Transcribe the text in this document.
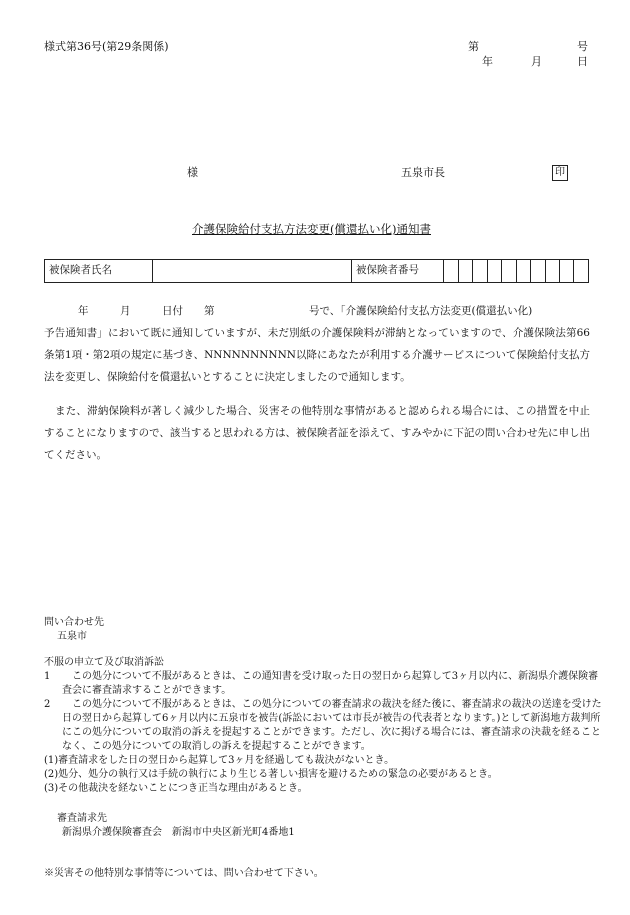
様式第36号(第29条関係)	第	号
年	月	日
様	五泉市長	印
介護保険給付支払方法変更(償還払い化)通知書
被保険者氏名		被保険者番号										
年　　　月　　　日付　　第　　　　　　　　　号で、「介護保険給付支払方法変更(償還払い化)
予告通知書」において既に通知していますが、未だ別紙の介護保険料が滞納となっていますので、介護保険法第66条第1項・第2項の規定に基づき、NNNNNNNNNN以降にあなたが利用する介護サービスについて保険給付支払方法を変更し、保険給付を償還払いとすることに決定しましたので通知します。
また、滞納保険料が著しく減少した場合、災害その他特別な事情があると認められる場合には、この措置を中止することになりますので、該当すると思われる方は、被保険者証を添えて、すみやかに下記の問い合わせ先に申し出てください。
問い合わせ先
五泉市
不服の申立て及び取消訴訟
1	この処分について不服があるときは、この通知書を受け取った日の翌日から起算して3ヶ月以内に、新潟県介護保険審査会に審査請求することができます。
2	この処分について不服があるときは、この処分についての審査請求の裁決を経た後に、審査請求の裁決の送達を受けた日の翌日から起算して6ヶ月以内に五泉市を被告(訴訟においては市長が被告の代表者となります。)として新潟地方裁判所にこの処分についての取消の訴えを提起することができます。ただし、次に掲げる場合には、審査請求の決裁を経ることなく、この処分についての取消しの訴えを提起することができます。
(1)審査請求をした日の翌日から起算して3ヶ月を経過しても裁決がないとき。
(2)処分、処分の執行又は手続の執行により生じる著しい損害を避けるための緊急の必要があるとき。
(3)その他裁決を経ないことにつき正当な理由があるとき。
審査請求先
新潟県介護保険審査会　新潟市中央区新光町4番地1
※災害その他特別な事情等については、問い合わせて下さい。
